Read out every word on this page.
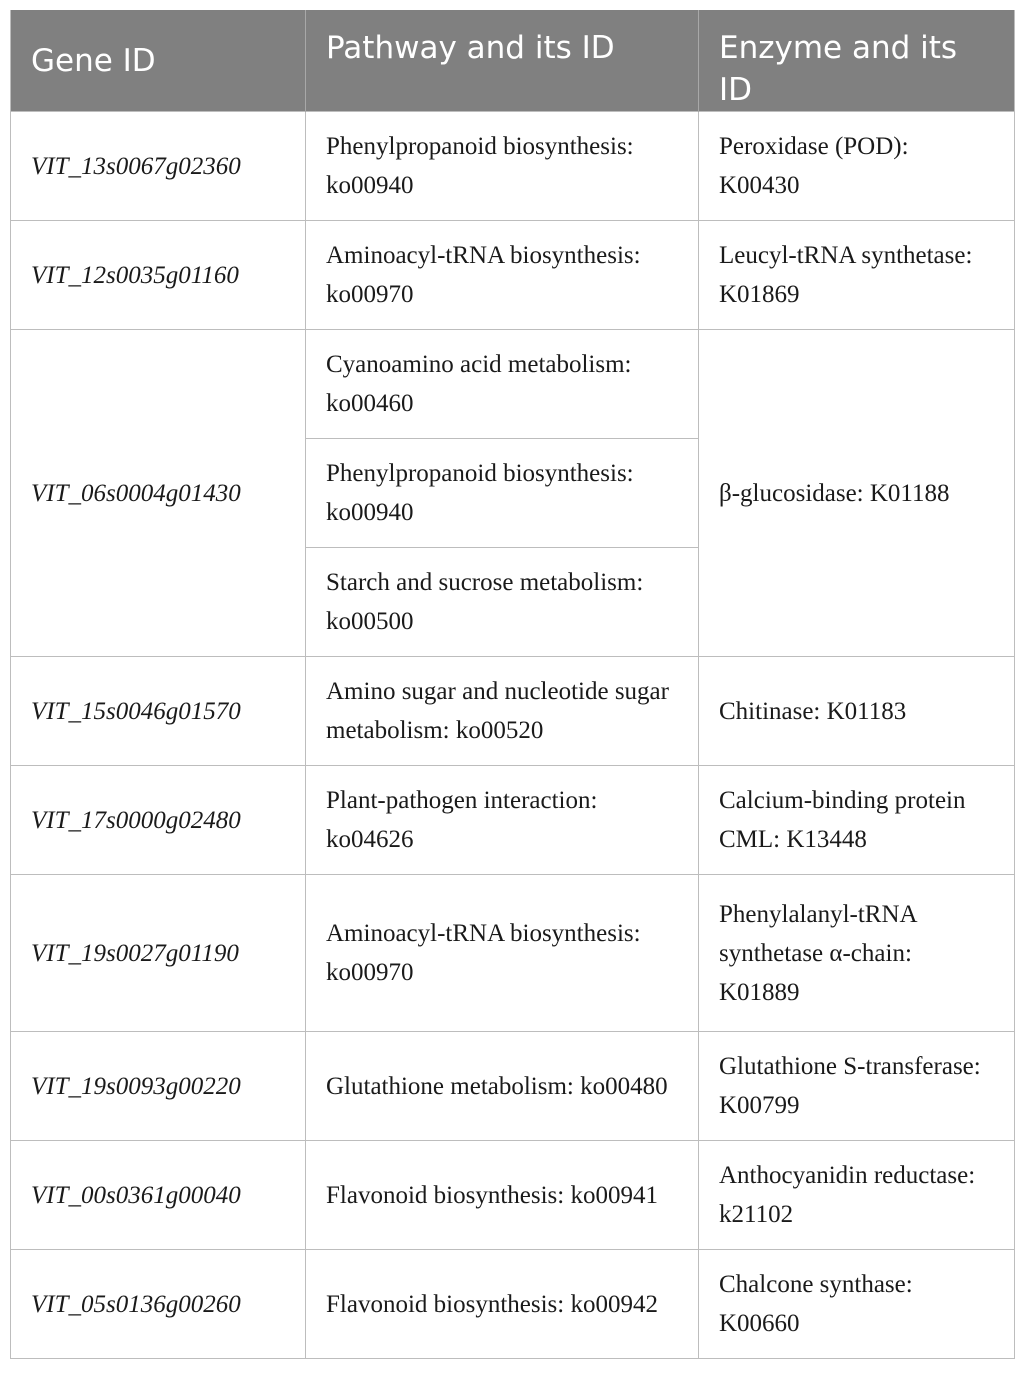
Gene ID	Pathway and its ID	Enzyme and its ID
VIT_13s0067g02360	Phenylpropanoid biosynthesis: ko00940	Peroxidase (POD): K00430
VIT_12s0035g01160	Aminoacyl-tRNA biosynthesis: ko00970	Leucyl-tRNA synthetase: K01869
VIT_06s0004g01430	Cyanoamino acid metabolism: ko00460	β-glucosidase: K01188
	Phenylpropanoid biosynthesis: ko00940	
	Starch and sucrose metabolism: ko00500	
VIT_15s0046g01570	Amino sugar and nucleotide sugar metabolism: ko00520	Chitinase: K01183
VIT_17s0000g02480	Plant-pathogen interaction: ko04626	Calcium-binding protein CML: K13448
VIT_19s0027g01190	Aminoacyl-tRNA biosynthesis: ko00970	Phenylalanyl-tRNA synthetase α-chain: K01889
VIT_19s0093g00220	Glutathione metabolism: ko00480	Glutathione S-transferase: K00799
VIT_00s0361g00040	Flavonoid biosynthesis: ko00941	Anthocyanidin reductase: k21102
VIT_05s0136g00260	Flavonoid biosynthesis: ko00942	Chalcone synthase: K00660
